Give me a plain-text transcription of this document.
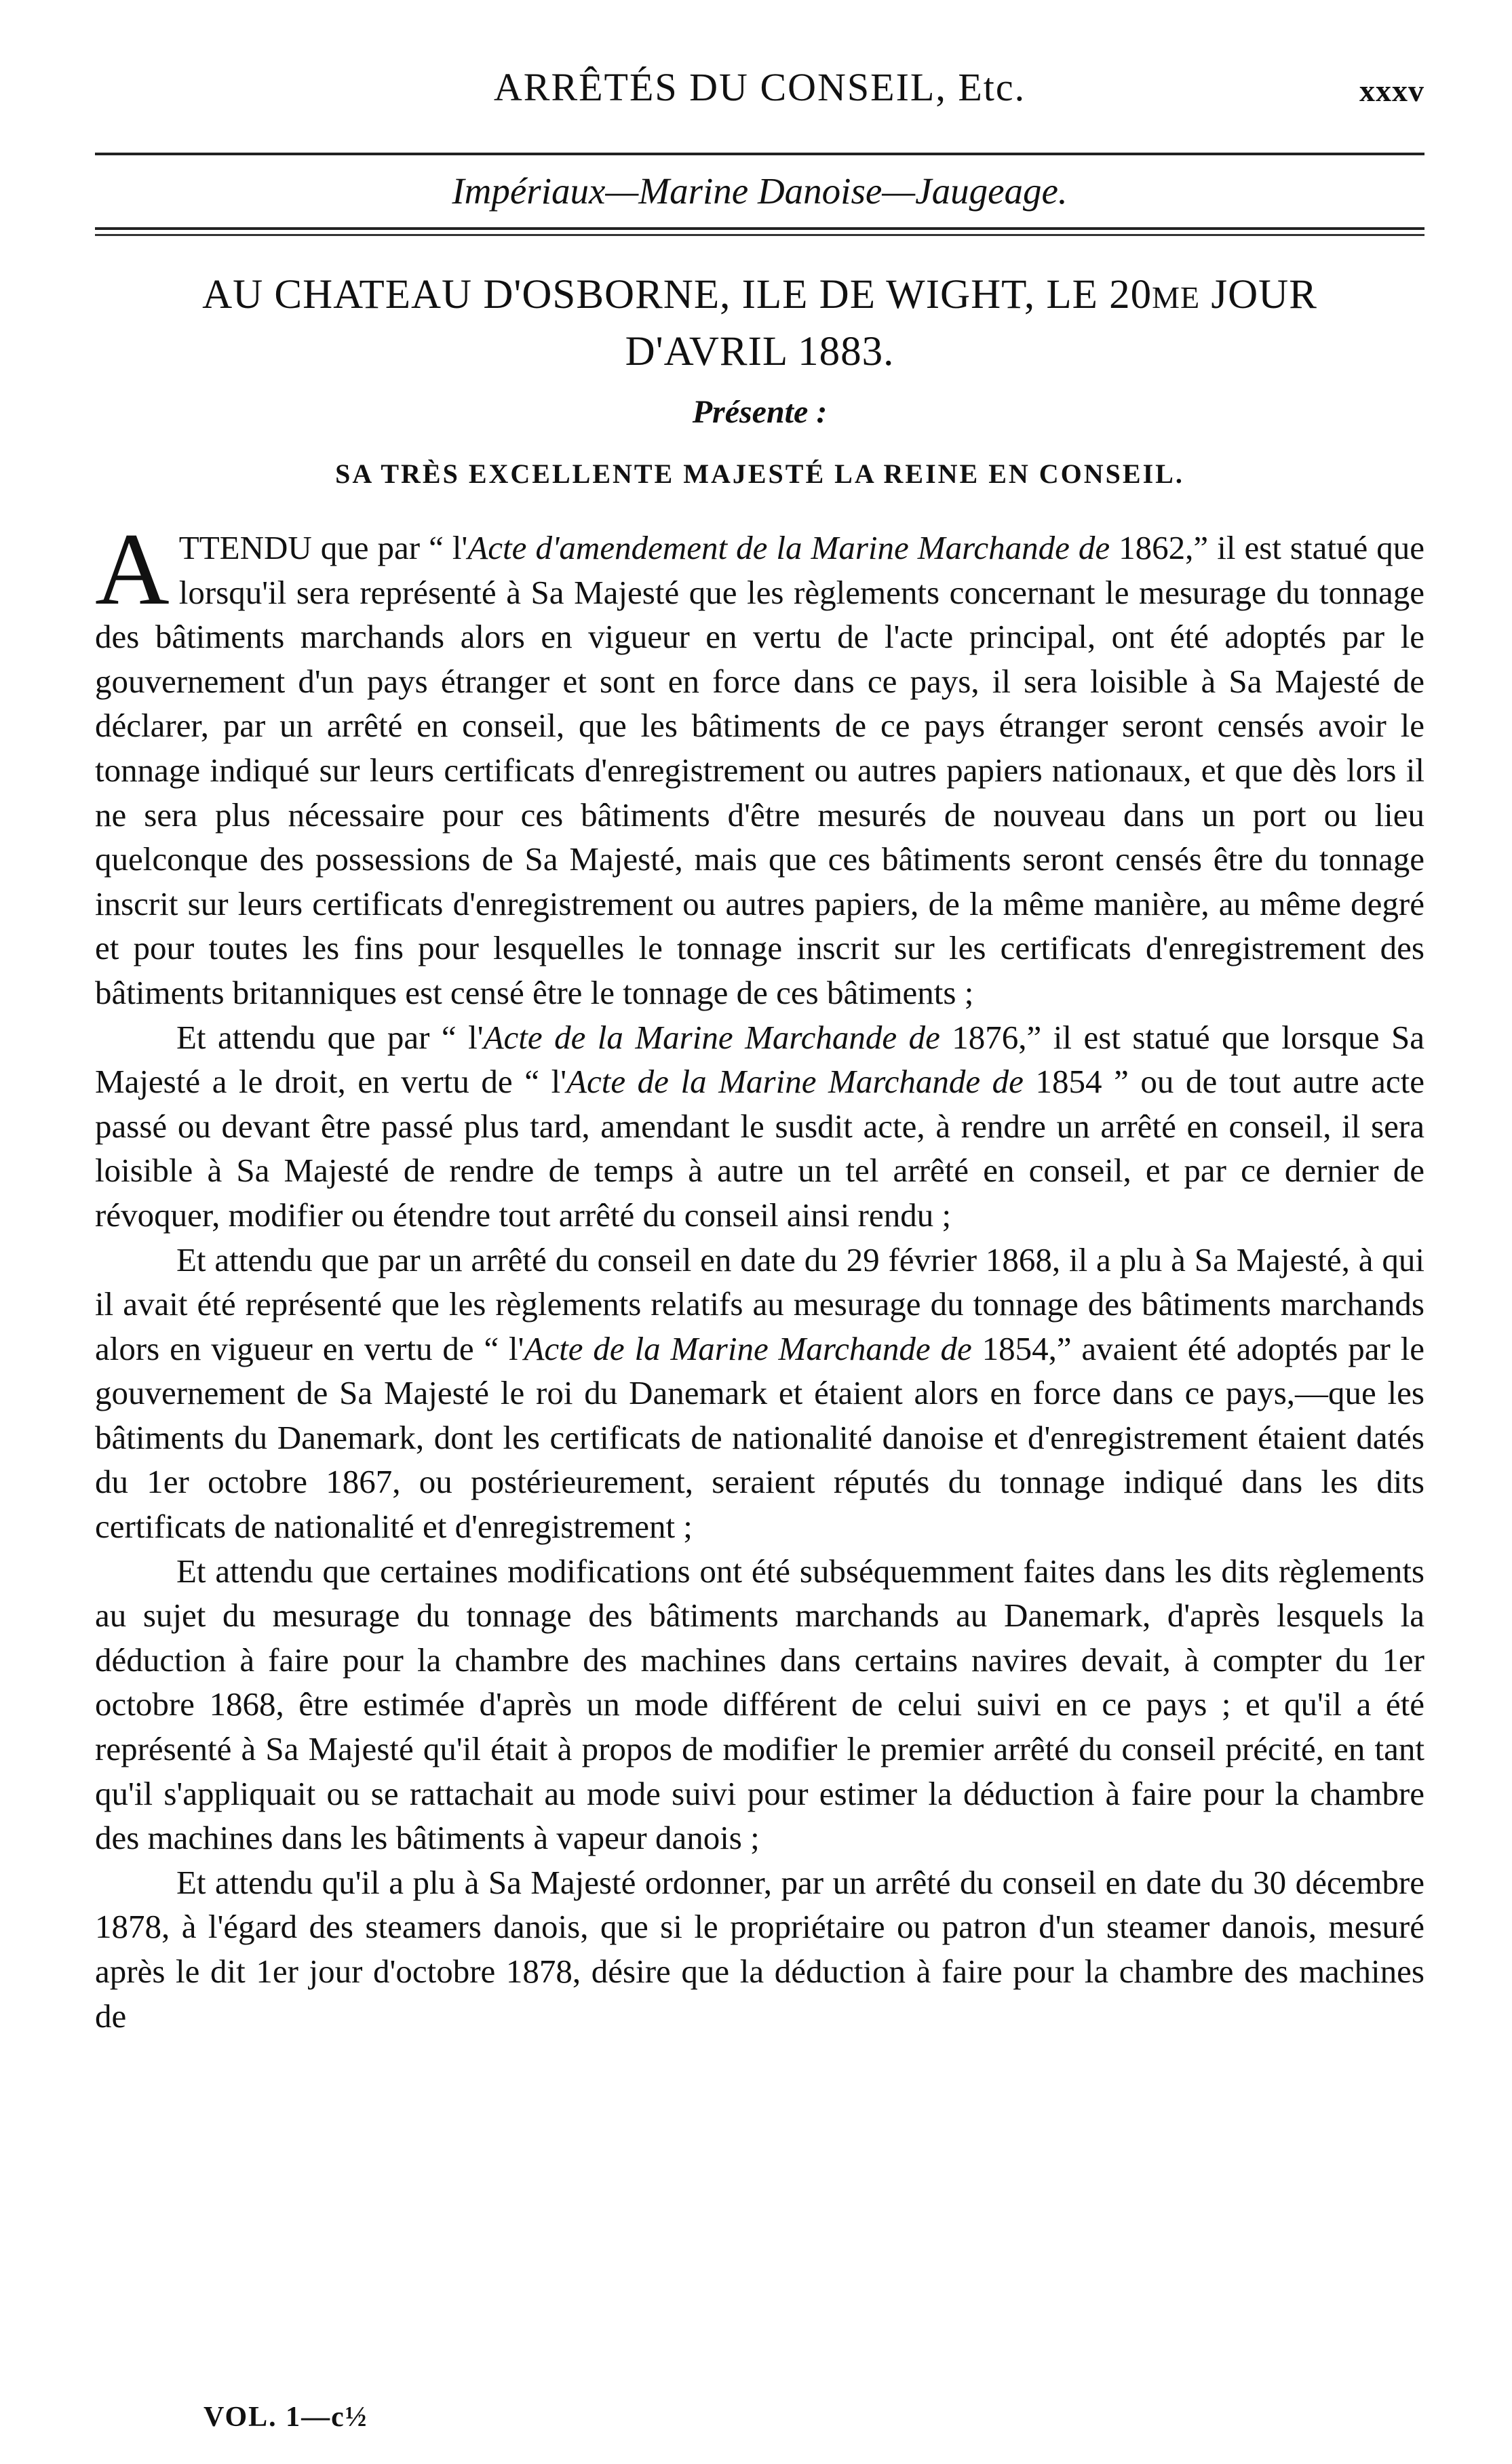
ARRÊTÉS DU CONSEIL, Etc.	xxxv
Impériaux—Marine Danoise—Jaugeage.
AU CHATEAU D'OSBORNE, ILE DE WIGHT, LE 20ME JOUR
D'AVRIL 1883.
Présente :
SA TRÈS EXCELLENTE MAJESTÉ LA REINE EN CONSEIL.

ATTENDU que par “ l'Acte d'amendement de la Marine Marchande de 1862,” il est statué que lorsqu'il sera représenté à Sa Majesté que les règlements concernant le mesurage du tonnage des bâtiments marchands alors en vigueur en vertu de l'acte principal, ont été adoptés par le gouvernement d'un pays étranger et sont en force dans ce pays, il sera loisible à Sa Majesté de déclarer, par un arrêté en conseil, que les bâtiments de ce pays étranger seront censés avoir le tonnage indiqué sur leurs certificats d'enregistrement ou autres papiers nationaux, et que dès lors il ne sera plus nécessaire pour ces bâtiments d'être mesurés de nouveau dans un port ou lieu quelconque des possessions de Sa Majesté, mais que ces bâtiments seront censés être du tonnage inscrit sur leurs certificats d'enregistrement ou autres papiers, de la même manière, au même degré et pour toutes les fins pour lesquelles le tonnage inscrit sur les certificats d'enregistrement des bâtiments britanniques est censé être le tonnage de ces bâtiments ;

Et attendu que par “ l'Acte de la Marine Marchande de 1876,” il est statué que lorsque Sa Majesté a le droit, en vertu de “ l'Acte de la Marine Marchande de 1854 ” ou de tout autre acte passé ou devant être passé plus tard, amendant le susdit acte, à rendre un arrêté en conseil, il sera loisible à Sa Majesté de rendre de temps à autre un tel arrêté en conseil, et par ce dernier de révoquer, modifier ou étendre tout arrêté du conseil ainsi rendu ;

Et attendu que par un arrêté du conseil en date du 29 février 1868, il a plu à Sa Majesté, à qui il avait été représenté que les règlements relatifs au mesurage du tonnage des bâtiments marchands alors en vigueur en vertu de “ l'Acte de la Marine Marchande de 1854,” avaient été adoptés par le gouvernement de Sa Majesté le roi du Danemark et étaient alors en force dans ce pays,—que les bâtiments du Danemark, dont les certificats de nationalité danoise et d'enregistrement étaient datés du 1er octobre 1867, ou postérieurement, seraient réputés du tonnage indiqué dans les dits certificats de nationalité et d'enregistrement ;

Et attendu que certaines modifications ont été subséquemment faites dans les dits règlements au sujet du mesurage du tonnage des bâtiments marchands au Danemark, d'après lesquels la déduction à faire pour la chambre des machines dans certains navires devait, à compter du 1er octobre 1868, être estimée d'après un mode différent de celui suivi en ce pays ; et qu'il a été représenté à Sa Majesté qu'il était à propos de modifier le premier arrêté du conseil précité, en tant qu'il s'appliquait ou se rattachait au mode suivi pour estimer la déduction à faire pour la chambre des machines dans les bâtiments à vapeur danois ;

Et attendu qu'il a plu à Sa Majesté ordonner, par un arrêté du conseil en date du 30 décembre 1878, à l'égard des steamers danois, que si le propriétaire ou patron d'un steamer danois, mesuré après le dit 1er jour d'octobre 1878, désire que la déduction à faire pour la chambre des machines de

VOL. 1—c½
